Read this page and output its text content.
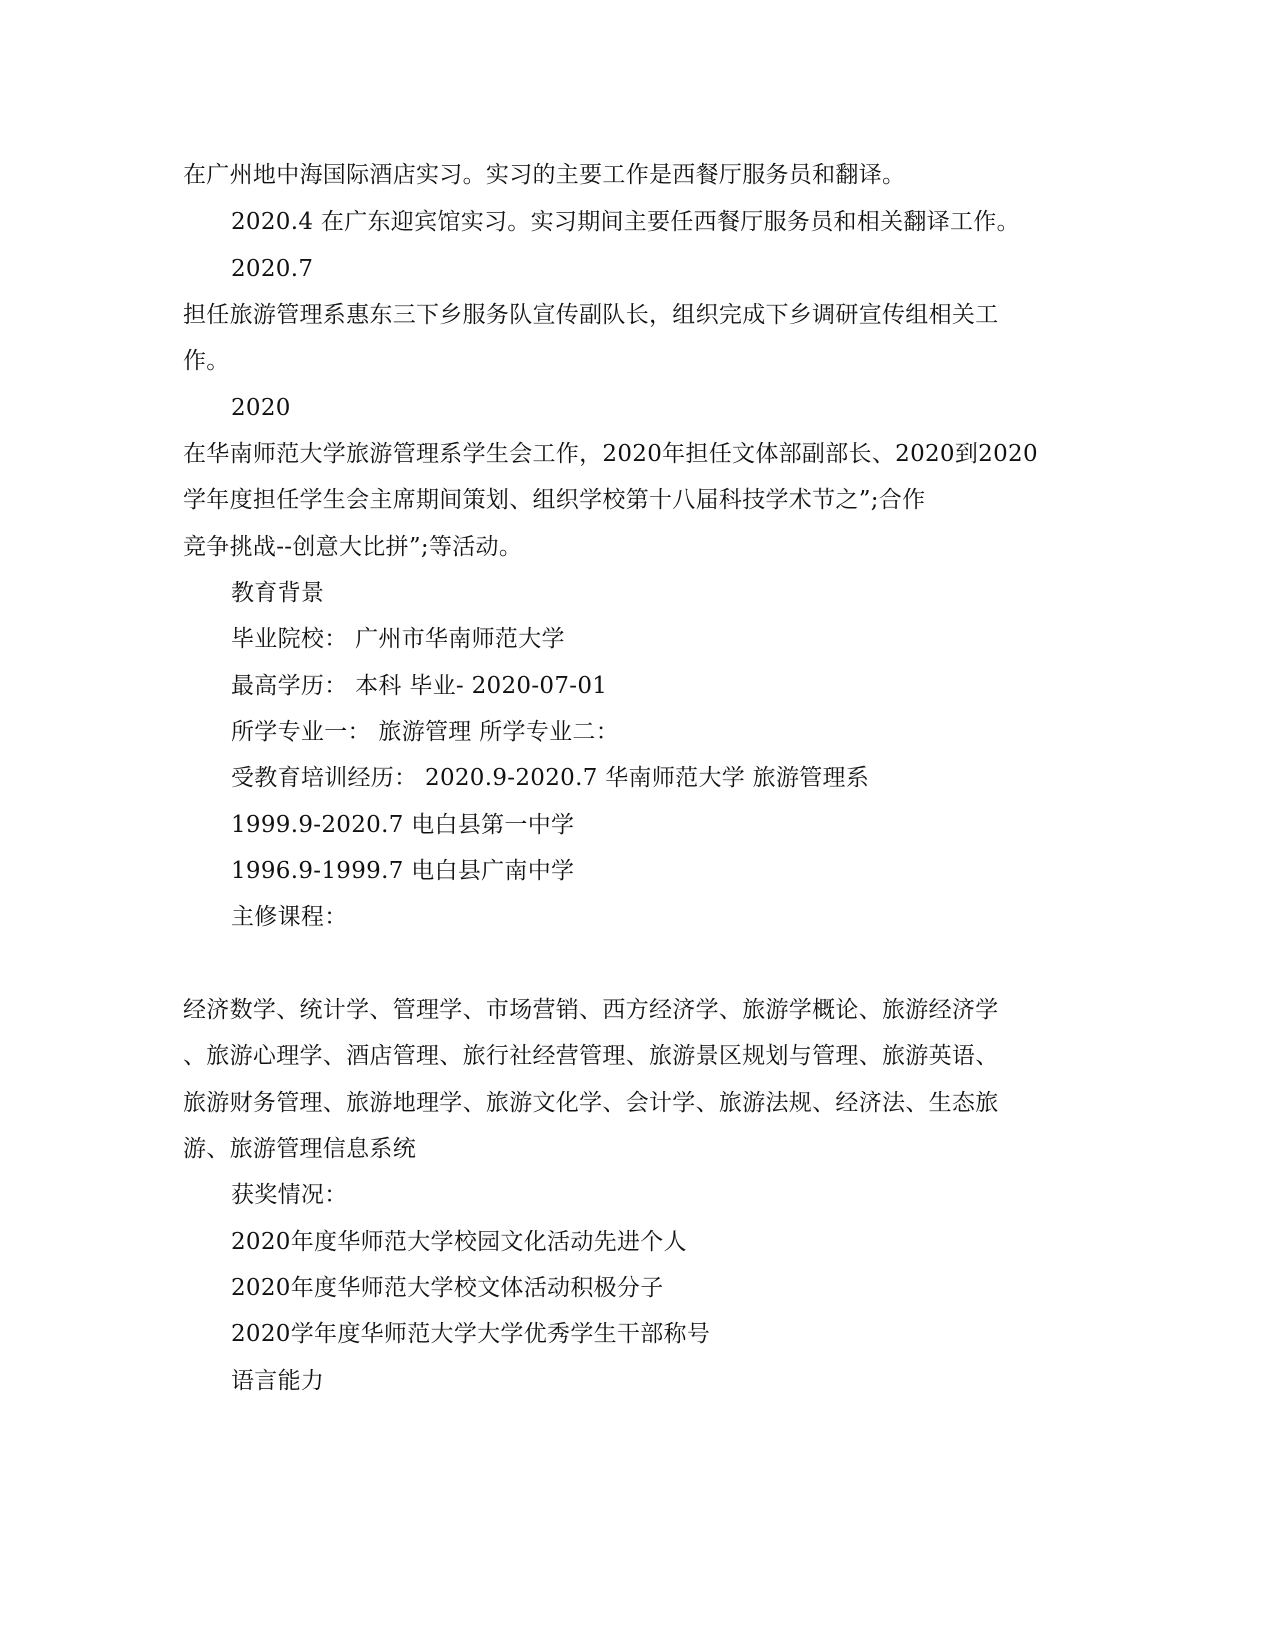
在广州地中海国际酒店实习。实习的主要工作是西餐厅服务员和翻译。
2020.4 在广东迎宾馆实习。实习期间主要任西餐厅服务员和相关翻译工作。
2020.7
担任旅游管理系惠东三下乡服务队宣传副队长，组织完成下乡调研宣传组相关工
作。
2020
在华南师范大学旅游管理系学生会工作，2020年担任文体部副部长、2020到2020
学年度担任学生会主席期间策划、组织学校第十八届科技学术节之”;合作
竞争挑战--创意大比拼”;等活动。
教育背景
毕业院校： 广州市华南师范大学
最高学历： 本科 毕业- 2020-07-01
所学专业一： 旅游管理 所学专业二：
受教育培训经历： 2020.9-2020.7 华南师范大学 旅游管理系
1999.9-2020.7 电白县第一中学
1996.9-1999.7 电白县广南中学
主修课程：
经济数学、统计学、管理学、市场营销、西方经济学、旅游学概论、旅游经济学
、旅游心理学、酒店管理、旅行社经营管理、旅游景区规划与管理、旅游英语、
旅游财务管理、旅游地理学、旅游文化学、会计学、旅游法规、经济法、生态旅
游、旅游管理信息系统
获奖情况：
2020年度华师范大学校园文化活动先进个人
2020年度华师范大学校文体活动积极分子
2020学年度华师范大学大学优秀学生干部称号
语言能力
